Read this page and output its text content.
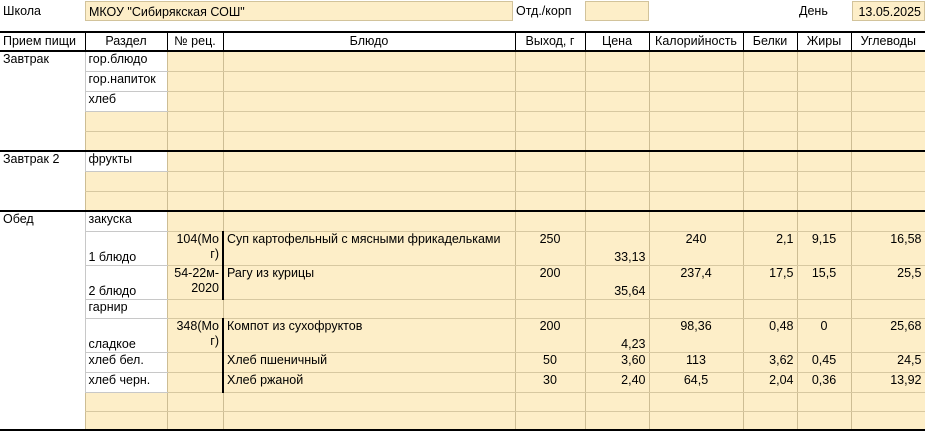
Школа	МКОУ "Сибирякская СОШ"	Отд./корп	День	13.05.2025
Прием пищи	Раздел	№ рец.	Блюдо	Выход, г	Цена	Калорийность	Белки	Жиры	Углеводы
Завтрак	гор.блюдо								
	гор.напиток								
	хлеб								

Завтрак 2	фрукты								

Обед	закуска								
	1 блюдо	104(Мог)	Суп картофельный с мясными фрикадельками	250	33,13	240	2,1	9,15	16,58
	2 блюдо	54-22м-2020	Рагу из курицы	200	35,64	237,4	17,5	15,5	25,5
	гарнир								
	сладкое	348(Мог)	Компот из сухофруктов	200	4,23	98,36	0,48	0	25,68
	хлеб бел.		Хлеб пшеничный	50	3,60	113	3,62	0,45	24,5
	хлеб черн.		Хлеб ржаной	30	2,40	64,5	2,04	0,36	13,92
